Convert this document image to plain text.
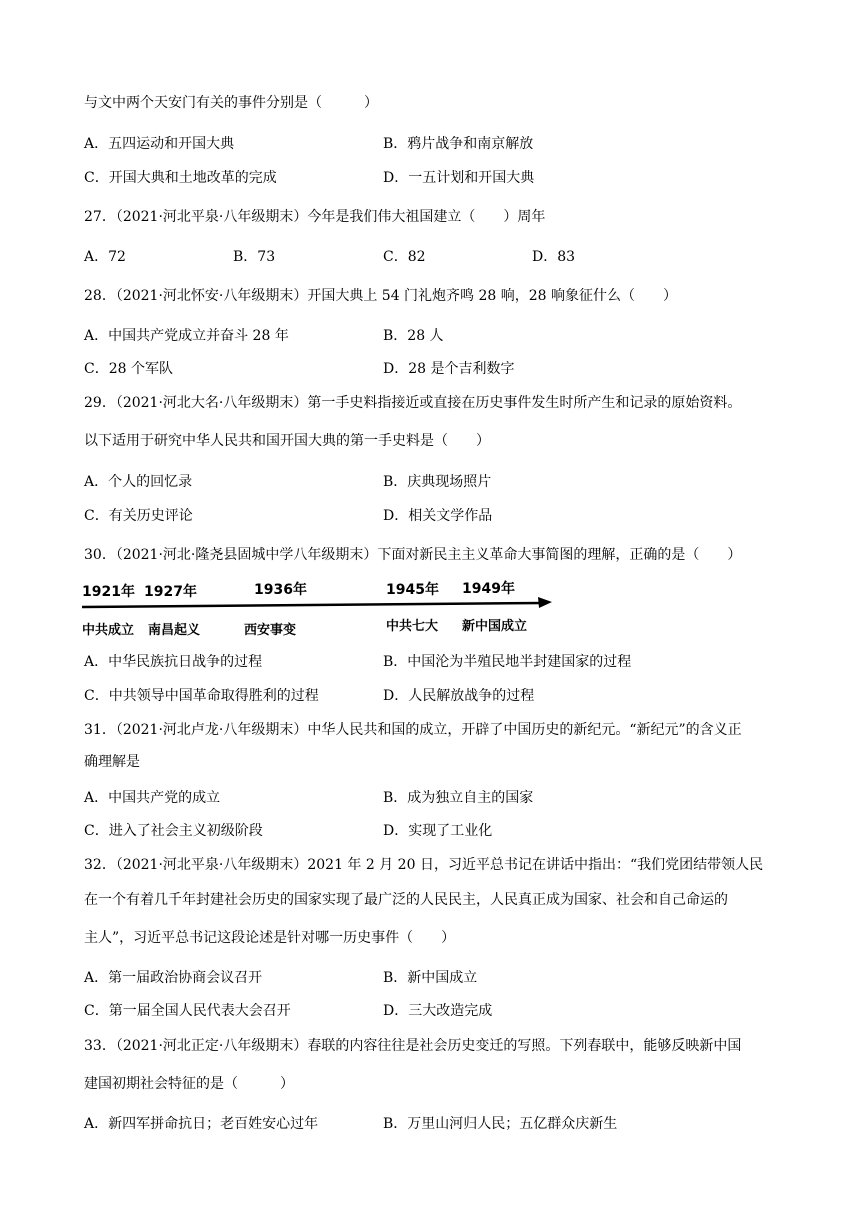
与文中两个天安门有关的事件分别是（　　　）
A．五四运动和开国大典	B．鸦片战争和南京解放
C．开国大典和土地改革的完成	D．一五计划和开国大典
27．（2021·河北平泉·八年级期末）今年是我们伟大祖国建立（　　）周年
A．72	B．73	C．82	D．83
28．（2021·河北怀安·八年级期末）开国大典上 54 门礼炮齐鸣 28 响，28 响象征什么（　　）
A．中国共产党成立并奋斗 28 年	B．28 人
C．28 个军队	D．28 是个吉利数字
29．（2021·河北大名·八年级期末）第一手史料指接近或直接在历史事件发生时所产生和记录的原始资料。
以下适用于研究中华人民共和国开国大典的第一手史料是（　　）
A．个人的回忆录	B．庆典现场照片
C．有关历史评论	D．相关文学作品
30．（2021·河北·隆尧县固城中学八年级期末）下面对新民主主义革命大事简图的理解，正确的是（　　）
1921年 1927年	1936年	1945年 1949年
中共成立 南昌起义	西安事变	中共七大 新中国成立
A．中华民族抗日战争的过程	B．中国沦为半殖民地半封建国家的过程
C．中共领导中国革命取得胜利的过程	D．人民解放战争的过程
31．（2021·河北卢龙·八年级期末）中华人民共和国的成立，开辟了中国历史的新纪元。“新纪元”的含义正
确理解是
A．中国共产党的成立	B．成为独立自主的国家
C．进入了社会主义初级阶段	D．实现了工业化
32．（2021·河北平泉·八年级期末）2021 年 2 月 20 日，习近平总书记在讲话中指出：“我们党团结带领人民
在一个有着几千年封建社会历史的国家实现了最广泛的人民民主，人民真正成为国家、社会和自己命运的
主人”，习近平总书记这段论述是针对哪一历史事件（　　）
A．第一届政治协商会议召开	B．新中国成立
C．第一届全国人民代表大会召开	D．三大改造完成
33．（2021·河北正定·八年级期末）春联的内容往往是社会历史变迁的写照。下列春联中，能够反映新中国
建国初期社会特征的是（　　　）
A．新四军拼命抗日；老百姓安心过年	B．万里山河归人民；五亿群众庆新生
